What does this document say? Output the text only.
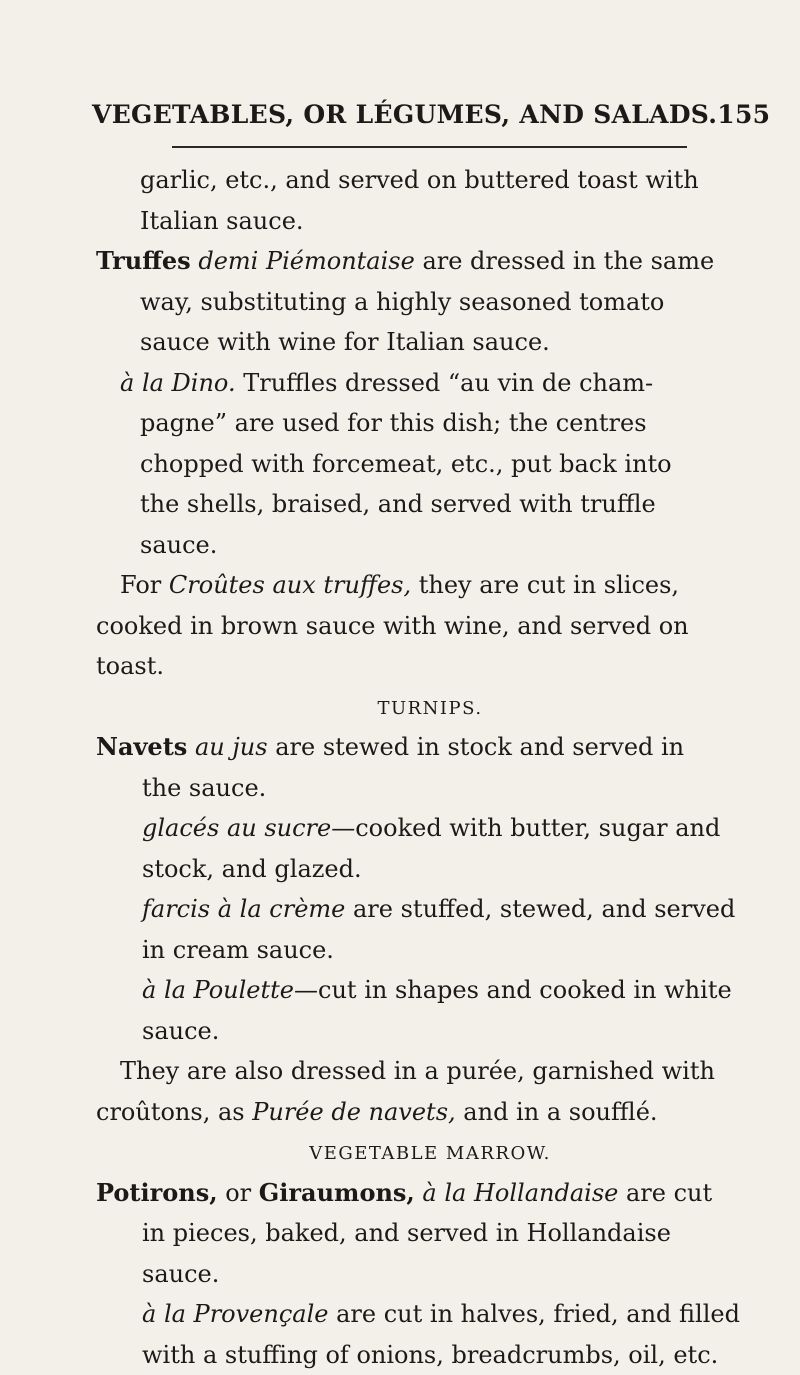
VEGETABLES, OR LÉGUMES, AND SALADS. 155
garlic, etc., and served on buttered toast with
Italian sauce.
Truffes demi Piémontaise are dressed in the same
way, substituting a highly seasoned tomato
sauce with wine for Italian sauce.
à la Dino. Truffles dressed “au vin de cham-
pagne” are used for this dish; the centres
chopped with forcemeat, etc., put back into
the shells, braised, and served with truffle
sauce.
For Croûtes aux truffes, they are cut in slices,
cooked in brown sauce with wine, and served on
toast.
TURNIPS.
Navets au jus are stewed in stock and served in
the sauce.
glacés au sucre—cooked with butter, sugar and
stock, and glazed.
farcis à la crème are stuffed, stewed, and served
in cream sauce.
à la Poulette—cut in shapes and cooked in white
sauce.
They are also dressed in a purée, garnished with
croûtons, as Purée de navets, and in a soufflé.
VEGETABLE MARROW.
Potirons, or Giraumons, à la Hollandaise are cut
in pieces, baked, and served in Hollandaise
sauce.
à la Provençale are cut in halves, fried, and filled
with a stuffing of onions, breadcrumbs, oil, etc.
